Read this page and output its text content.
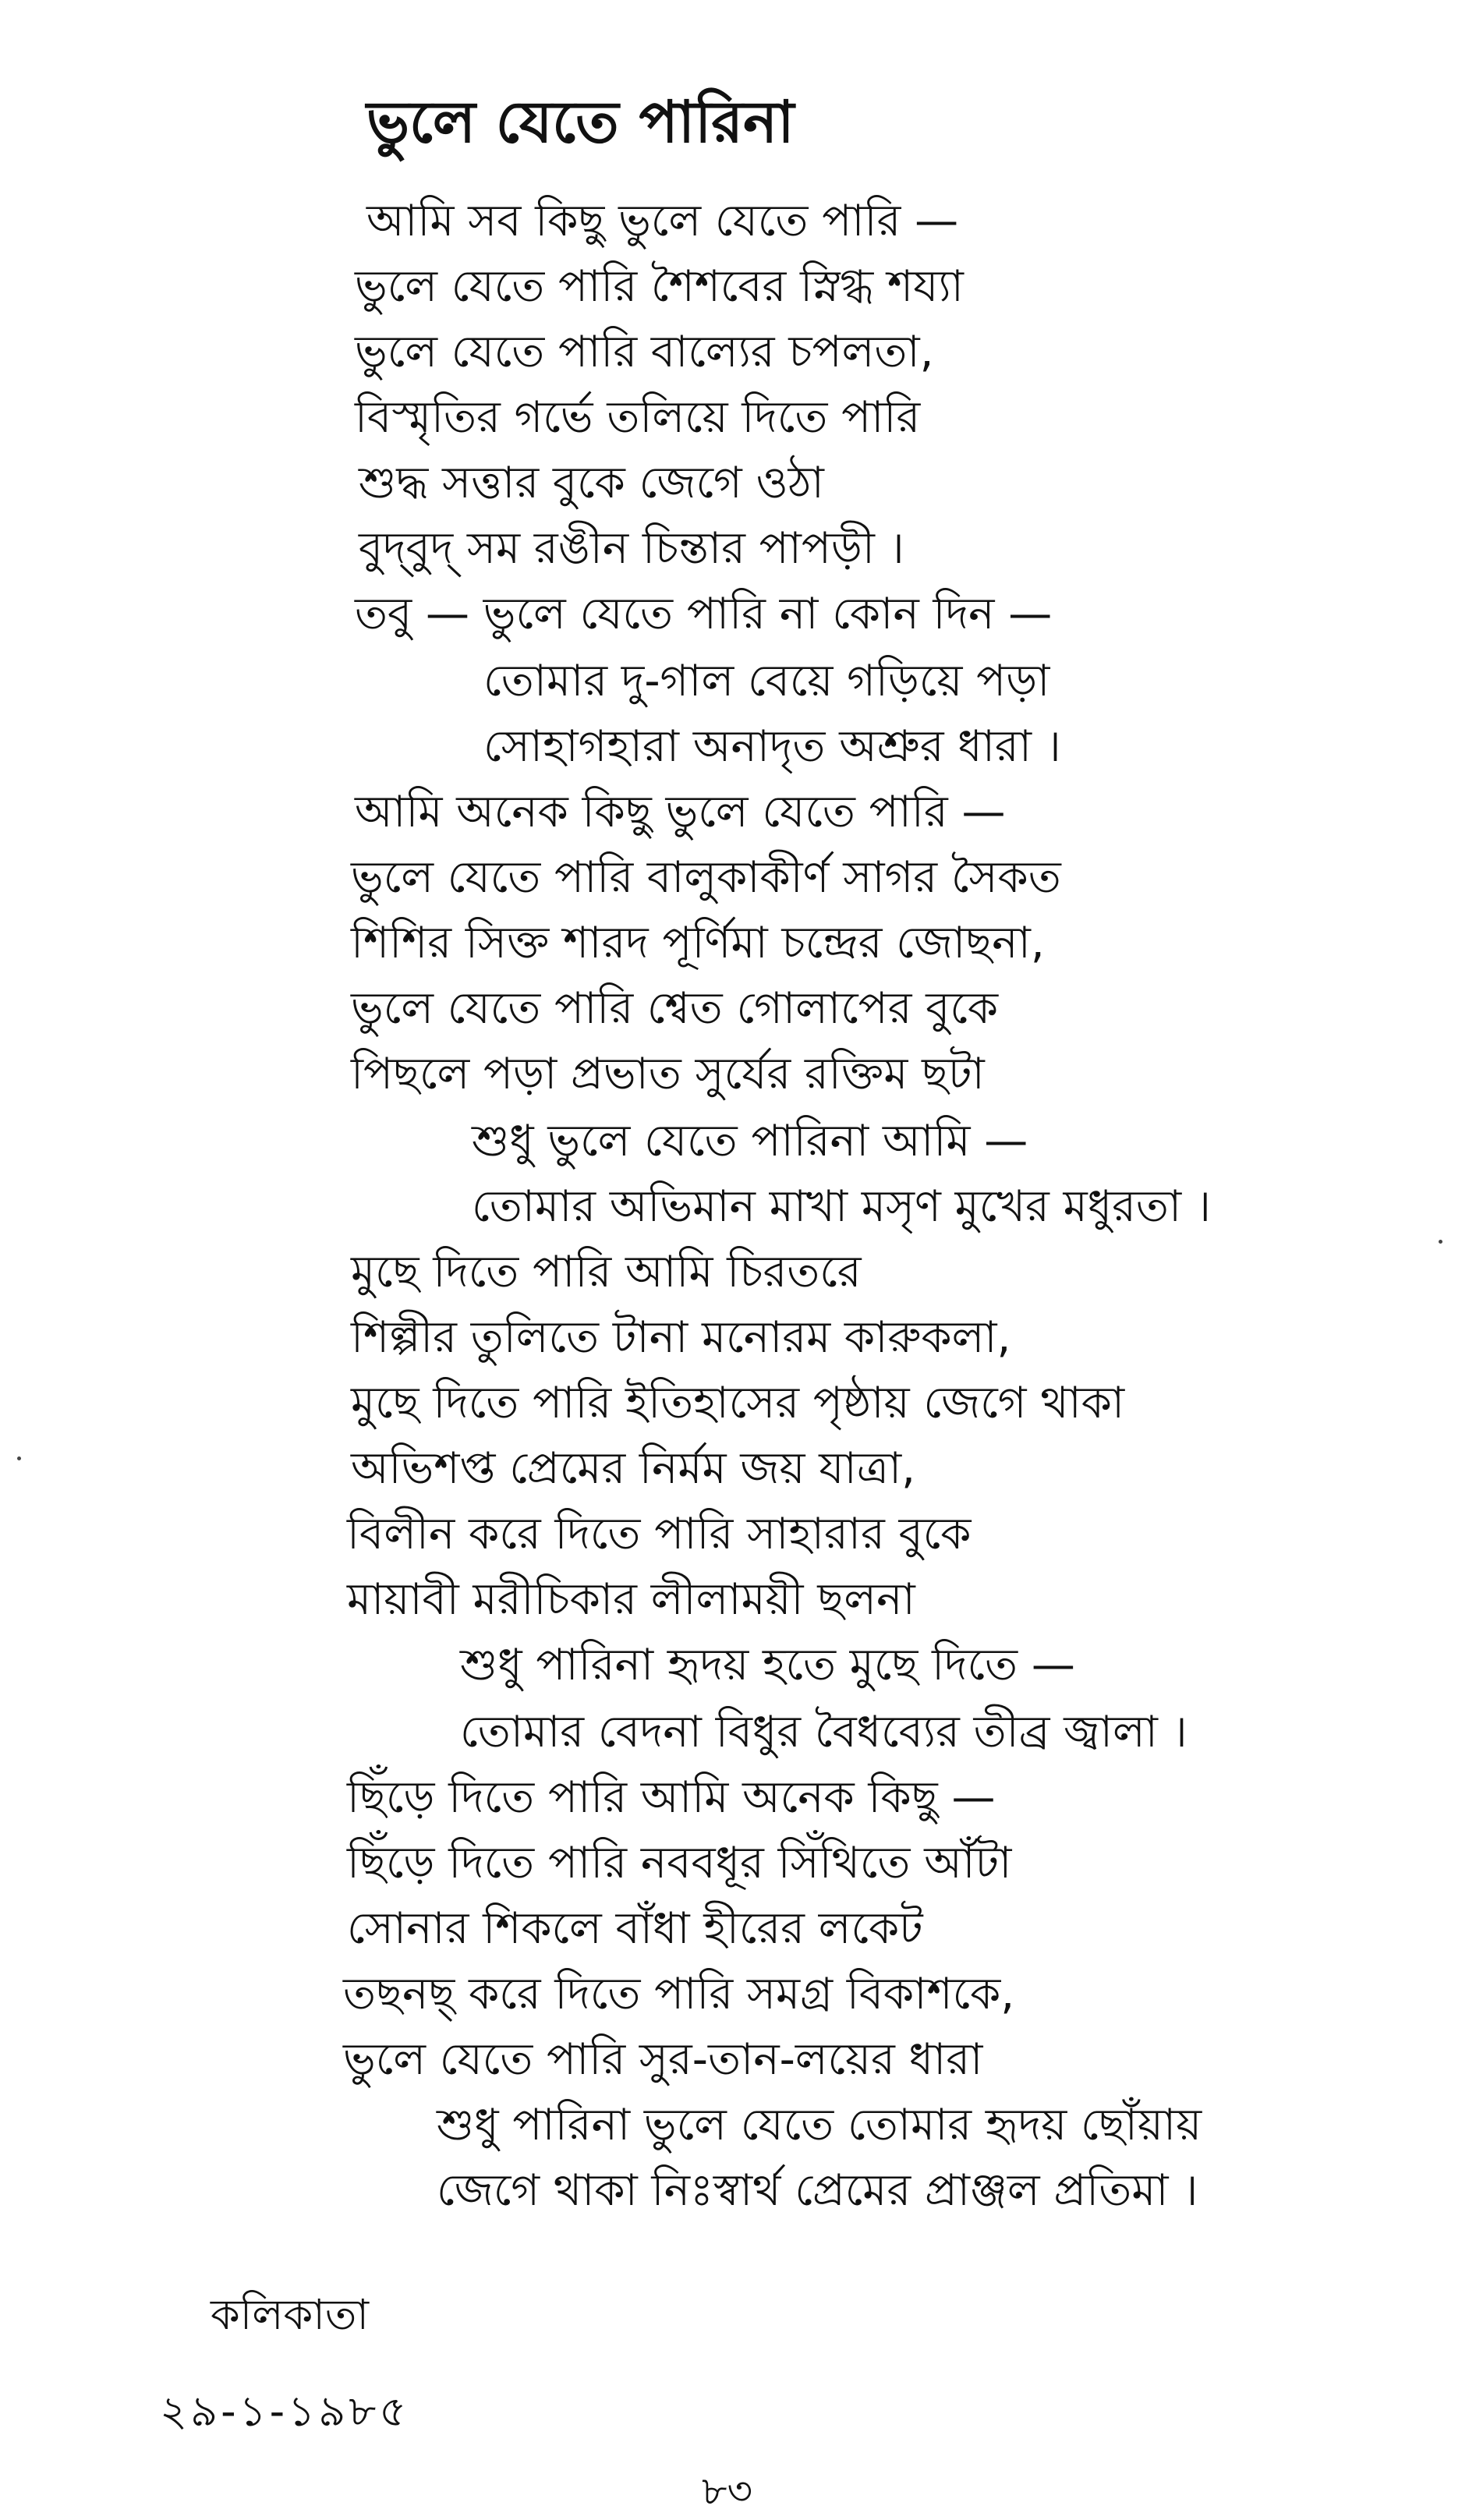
ভুলে যেতে পারিনা
আমি সব কিছু ভুলে যেতে পারি —
ভুলে যেতে পারি শৈশবের স্নিগ্ধ শয্যা
ভুলে যেতে পারি বাল্যের চপলতা,
বিস্মৃতির গর্ভে তলিয়ে দিতে পারি
শুদ্ধ সত্তার বুকে জেগে ওঠা
বুদ্‌বুদ্ সম রঙীন চিন্তার পাপড়ী ।
তবু — ভুলে যেতে পারি না কোন দিন —
তোমার দু-গাল বেয়ে গড়িয়ে পড়া
সোহাগহারা অনাদৃত অশ্রুর ধারা ।
আমি অনেক কিছু ভুলে যেতে পারি —
ভুলে যেতে পারি বালুকাকীর্ণ সাগর সৈকত
শিশির সিক্ত শারদ পূর্ণিমা চন্দ্রের জোছনা,
ভুলে যেতে পারি শ্বেত গোলাপের বুকে
পিছলে পড়া প্রভাত সুর্যের রক্তিম ছটা
শুধু ভুলে যেতে পারিনা আমি —
তোমার অভিমান মাখা মসৃণ মুখের মধুরতা ।
মুছে দিতে পারি আমি চিরতরে
শিল্পীর তুলিতে টানা মনোরম কারুকলা,
মুছে দিতে পারি ইতিহাসের পৃষ্ঠায় জেগে থাকা
অভিশপ্ত প্রেমের নির্মম জয় যাত্রা,
বিলীন করে দিতে পারি সাহারার বুকে
মায়াবী মরীচিকার লীলাময়ী ছলনা
শুধু পারিনা হৃদয় হতে মুছে দিতে —
তোমার বেদনা বিধুর বৈধব্যের তীব্র জ্বালা ।
ছিঁড়ে দিতে পারি আমি অনেক কিছু —
ছিঁড়ে দিতে পারি নববধূর সিঁথিতে আঁটা
সোনার শিকলে বাঁধা হীরের লকেট
তছনছ্ করে দিতে পারি সমগ্র বিকাশকে,
ভুলে যেতে পারি সুর-তান-লয়ের ধারা
শুধু পারিনা ভুলে যেতে তোমার হৃদয় ছোঁয়ায়
জেগে থাকা নিঃস্বার্থ প্রেমের প্রাঞ্জল প্রতিমা ।
কলিকাতা
২৯-১-১৯৮৫
৮৩
